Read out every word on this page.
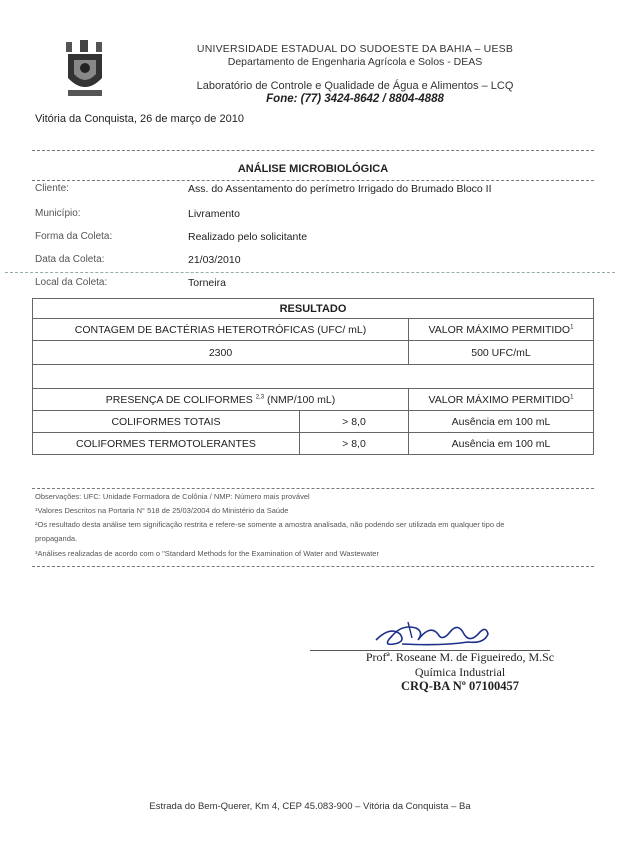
UNIVERSIDADE ESTADUAL DO SUDOESTE DA BAHIA – UESB
Departamento de Engenharia Agrícola e Solos - DEAS
Laboratório de Controle e Qualidade de Água e Alimentos – LCQ
Fone: (77) 3424-8642 / 8804-4888
Vitória da Conquista, 26 de março de 2010
ANÁLISE MICROBIOLÓGICA
Cliente:	Ass. do Assentamento do perímetro Irrigado do Brumado Bloco II
Município:	Livramento
Forma da Coleta:	Realizado pelo solicitante
Data da Coleta:	21/03/2010
Local da Coleta:	Torneira
RESULTADO		
CONTAGEM DE BACTÉRIAS HETEROTRÓFICAS (UFC/ mL)		VALOR MÁXIMO PERMITIDO$^1$
2300		500 UFC/mL

PRESENÇA DE COLIFORMES $^{2,3}$ (NMP/100 mL)		VALOR MÁXIMO PERMITIDO$^1$
COLIFORMES TOTAIS	> 8,0	Ausência em 100 mL
COLIFORMES TERMOTOLERANTES	> 8,0	Ausência em 100 mL
Observações: UFC: Unidade Formadora de Colônia / NMP: Número mais provável
¹Valores Descritos na Portaria N° 518 de 25/03/2004 do Ministério da Saúde
²Os resultado desta análise tem significação restrita e refere-se somente a amostra analisada, não podendo ser utilizada em qualquer tipo de
propaganda.
³Análises realizadas de acordo com o "Standard Methods for the Examination of Water and Wastewater
Profª. Roseane M. de Figueiredo, M.Sc
Química Industrial
CRQ-BA Nº 07100457
Estrada do Bem-Querer, Km 4, CEP 45.083-900 – Vitória da Conquista – Ba
